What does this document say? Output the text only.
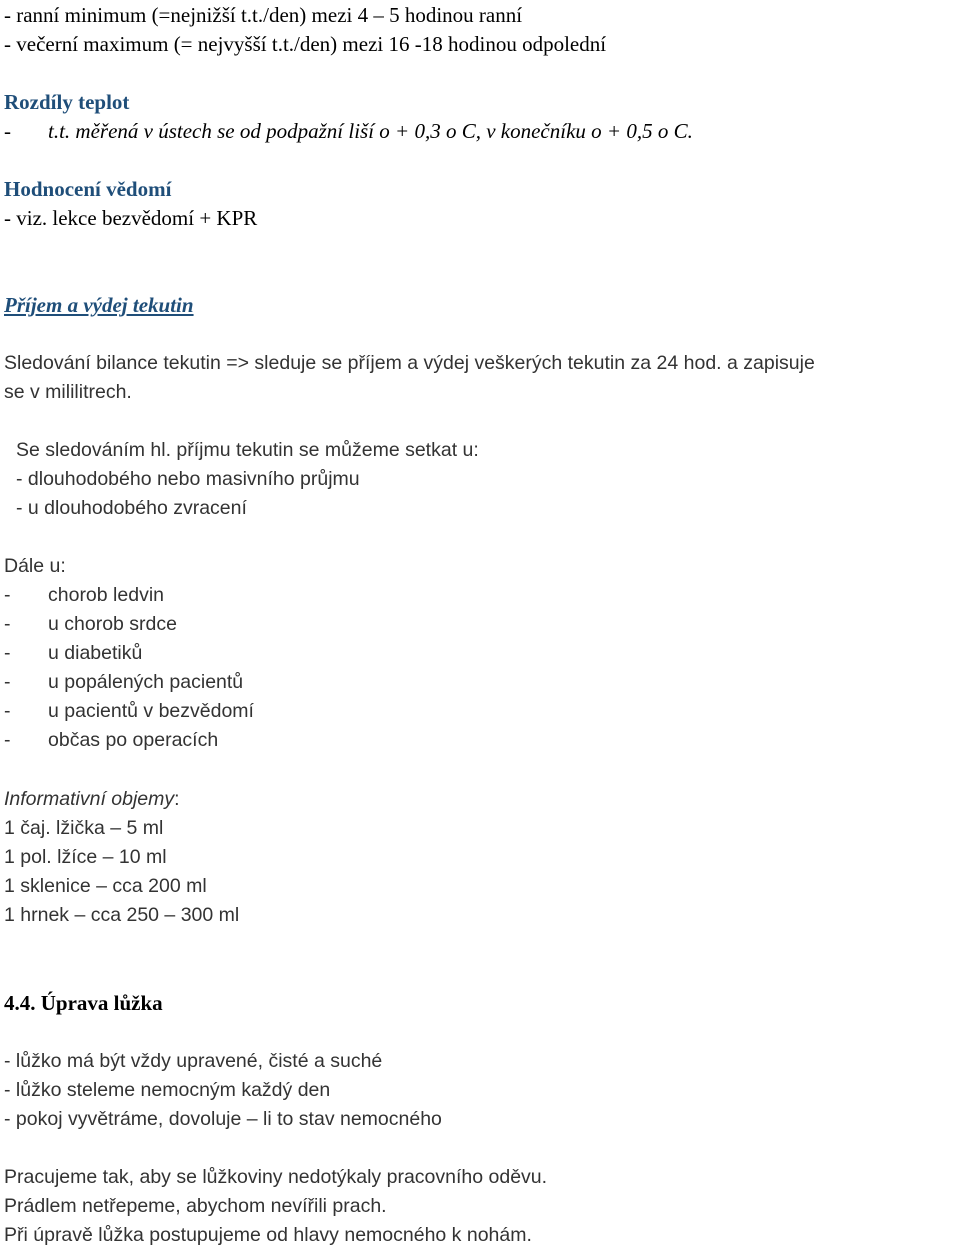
- ranní minimum (=nejnižší t.t./den) mezi 4 – 5 hodinou ranní
- večerní maximum (= nejvyšší t.t./den) mezi 16 -18 hodinou odpolední
Rozdíly teplot
- t.t. měřená v ústech se od podpažní liší o + 0,3 o C, v konečníku o + 0,5 o C.
Hodnocení vědomí
- viz. lekce bezvědomí + KPR
Příjem a výdej tekutin
Sledování bilance tekutin => sleduje se příjem a výdej veškerých tekutin za 24 hod. a zapisuje
se v mililitrech.
Se sledováním hl. příjmu tekutin se můžeme setkat u:
- dlouhodobého nebo masivního průjmu
- u dlouhodobého zvracení
Dále u:
- chorob ledvin
- u chorob srdce
- u diabetiků
- u popálených pacientů
- u pacientů v bezvědomí
- občas po operacích
Informativní objemy:
1 čaj. lžička – 5 ml
1 pol. lžíce – 10 ml
1 sklenice – cca 200 ml
1 hrnek – cca 250 – 300 ml
4.4. Úprava lůžka
- lůžko má být vždy upravené, čisté a suché
- lůžko steleme nemocným každý den
- pokoj vyvětráme, dovoluje – li to stav nemocného
Pracujeme tak, aby se lůžkoviny nedotýkaly pracovního oděvu.
Prádlem netřepeme, abychom nevířili prach.
Při úpravě lůžka postupujeme od hlavy nemocného k nohám.
